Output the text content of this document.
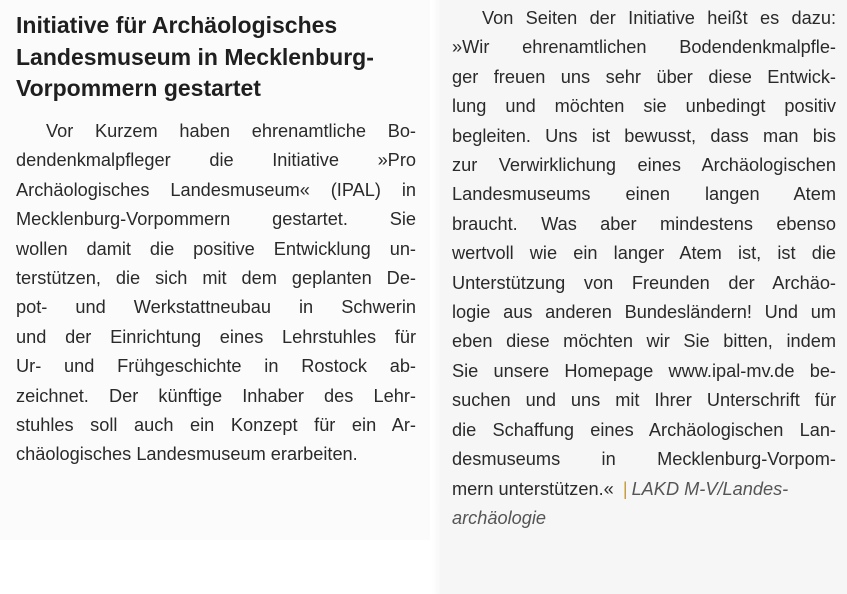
Initiative für Archäologisches
Landesmuseum in Mecklenburg-
Vorpommern gestartet
Vor Kurzem haben ehrenamtliche Bo-
dendenkmalpfleger die Initiative »Pro
Archäologisches Landesmuseum« (IPAL) in
Mecklenburg-Vorpommern gestartet. Sie
wollen damit die positive Entwicklung un-
terstützen, die sich mit dem geplanten De-
pot- und Werkstattneubau in Schwerin
und der Einrichtung eines Lehrstuhles für
Ur- und Frühgeschichte in Rostock ab-
zeichnet. Der künftige Inhaber des Lehr-
stuhles soll auch ein Konzept für ein Ar-
chäologisches Landesmuseum erarbeiten.
Von Seiten der Initiative heißt es dazu:
»Wir ehrenamtlichen Bodendenkmalpfle-
ger freuen uns sehr über diese Entwick-
lung und möchten sie unbedingt positiv
begleiten. Uns ist bewusst, dass man bis
zur Verwirklichung eines Archäologischen
Landesmuseums einen langen Atem
braucht. Was aber mindestens ebenso
wertvoll wie ein langer Atem ist, ist die
Unterstützung von Freunden der Archäo-
logie aus anderen Bundesländern! Und um
eben diese möchten wir Sie bitten, indem
Sie unsere Homepage www.ipal-mv.de be-
suchen und uns mit Ihrer Unterschrift für
die Schaffung eines Archäologischen Lan-
desmuseums in Mecklenburg-Vorpom-
mern unterstützen.« | LAKD M-V/Landes-
archäologie
